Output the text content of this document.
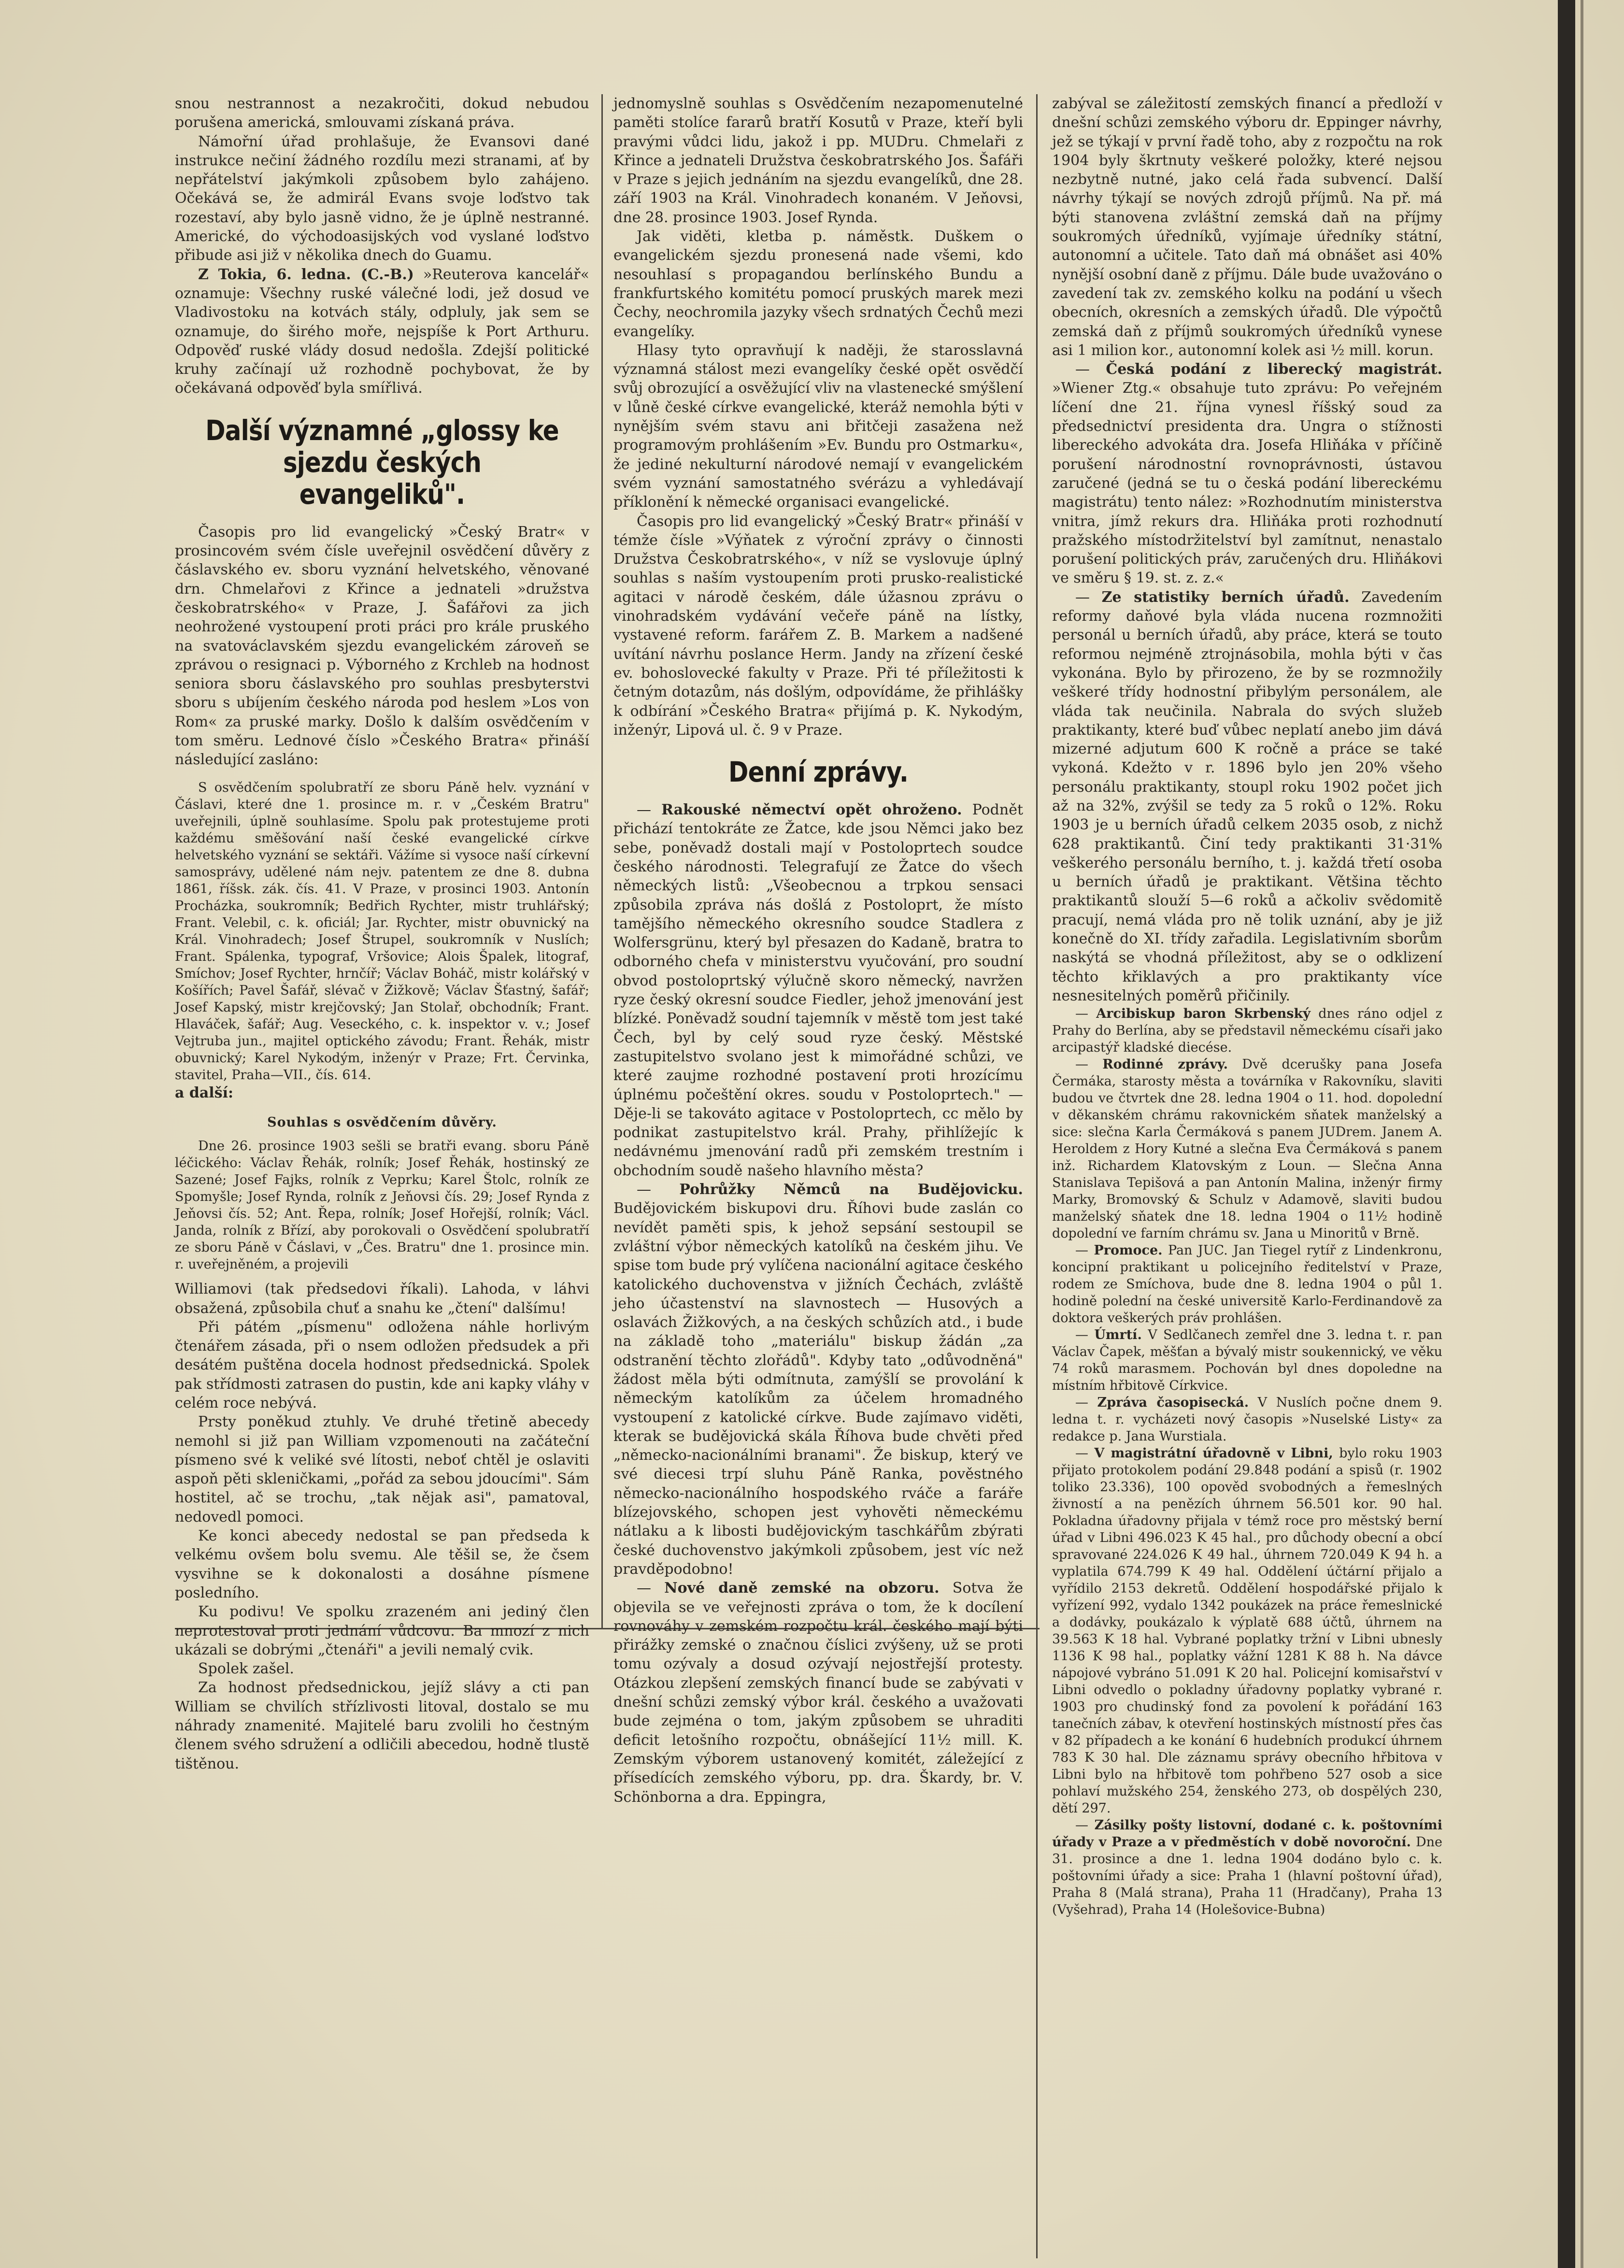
snou nestrannost a nezakročiti, dokud nebudou porušena americká, smlouvami získaná práva.

Námořní úřad prohlašuje, že Evansovi dané instrukce nečiní žádného rozdílu mezi stranami, ať by nepřátelství jakýmkoli způsobem bylo zahájeno. Očekává se, že admirál Evans svoje loďstvo tak rozestaví, aby bylo jasně vidno, že je úplně nestranné. Americké, do východoasijských vod vyslané loďstvo přibude asi již v několika dnech do Guamu.

Z Tokia, 6. ledna. (C.-B.) »Reuterova kancelář« oznamuje: Všechny ruské válečné lodi, jež dosud ve Vladivostoku na kotvách stály, odpluly, jak sem se oznamuje, do širého moře, nejspíše k Port Arthuru. Odpověď ruské vlády dosud nedošla. Zdejší politické kruhy začínají už rozhodně pochybovat, že by očekávaná odpověď byla smířlivá.

Další významné „glossy ke sjezdu českých evangeliků".

Časopis pro lid evangelický »Český Bratr« v prosincovém svém čísle uveřejnil osvědčení důvěry z čáslavského ev. sboru vyznání helvetského, věnované drn. Chmelařovi z Křince a jednateli »družstva českobratrského« v Praze, J. Šafářovi za jich neohrožené vystoupení proti práci pro krále pruského na svatováclavském sjezdu evangelickém zároveň se zprávou o resignaci p. Výborného z Krchleb na hodnost seniora sboru čáslavského pro souhlas presbyterstvi sboru s ubíjením českého národa pod heslem »Los von Rom« za pruské marky. Došlo k dalším osvědčením v tom směru. Lednové číslo »Českého Bratra« přináší následující zasláno:

S osvědčením spolubratří ze sboru Páně helv. vyznání v Čáslavi, které dne 1. prosince m. r. v „Českém Bratru" uveřejnili, úplně souhlasíme. Spolu pak protestujeme proti každému směšování naší české evangelické církve helvetského vyznání se sektáři. Vážíme si vysoce naší církevní samosprávy, udělené nám nejv. patentem ze dne 8. dubna 1861, říšsk. zák. čís. 41. V Praze, v prosinci 1903. Antonín Procházka, soukromník; Bedřich Rychter, mistr truhlářský; Frant. Velebil, c. k. oficiál; Jar. Rychter, mistr obuvnický na Král. Vinohradech; Josef Štrupel, soukromník v Nuslích; Frant. Spálenka, typograf, Vršovice; Alois Špalek, litograf, Smíchov; Josef Rychter, hrnčíř; Václav Boháč, mistr kolářský v Košířích; Pavel Šafář, slévač v Žižkově; Václav Šťastný, šafář; Josef Kapský, mistr krejčovský; Jan Stolař, obchodník; Frant. Hlaváček, šafář; Aug. Veseckého, c. k. inspektor v. v.; Josef Vejtruba jun., majitel optického závodu; Frant. Řehák, mistr obuvnický; Karel Nykodým, inženýr v Praze; Frt. Červinka, stavitel, Praha—VII., čís. 614.

a další:

Souhlas s osvědčením důvěry.

Dne 26. prosince 1903 sešli se bratři evang. sboru Páně léčického: Václav Řehák, rolník; Josef Řehák, hostinský ze Sazené; Josef Fajks, rolník z Veprku; Karel Štolc, rolník ze Spomyšle; Josef Rynda, rolník z Jeňovsi čís. 29; Josef Rynda z Jeňovsi čís. 52; Ant. Řepa, rolník; Josef Hořejší, rolník; Václ. Janda, rolník z Břízí, aby porokovali o Osvědčení spolubratří ze sboru Páně v Čáslavi, v „Čes. Bratru" dne 1. prosince min. r. uveřejněném, a projevili

Williamovi (tak předsedovi říkali). Lahoda, v láhvi obsažená, způsobila chuť a snahu ke „čtení" dalšímu!

Při pátém „písmenu" odložena náhle horlivým čtenářem zásada, při o nsem odložen předsudek a při desátém puštěna docela hodnost předsednická. Spolek pak střídmosti zatrasen do pustin, kde ani kapky vláhy v celém roce nebývá.

Prsty poněkud ztuhly. Ve druhé třetině abecedy nemohl si již pan William vzpomenouti na začáteční písmeno své k veliké své lítosti, neboť chtěl je oslaviti aspoň pěti skleničkami, „pořád za sebou jdoucími". Sám hostitel, ač se trochu, „tak nějak asi", pamatoval, nedovedl pomoci.

Ke konci abecedy nedostal se pan předseda k velkému ovšem bolu svemu. Ale těšil se, že čsem vysvihne se k dokonalosti a dosáhne písmene posledního.

Ku podivu! Ve spolku zrazeném ani jediný člen neprotestoval proti jednání vůdcovu. Ba mnozí z nich ukázali se dobrými „čtenáři" a jevili nemalý cvik.

Spolek zašel.

Za hodnost předsednickou, jejíž slávy a cti pan William se chvilích střízlivosti litoval, dostalo se mu náhrady znamenité. Majitelé baru zvolili ho čestným členem svého sdružení a odličili abecedou, hodně tlustě tištěnou.

jednomyslně souhlas s Osvědčením nezapomenutelné paměti stolíce fararů bratří Kosutů v Praze, kteří byli pravými vůdci lidu, jakož i pp. MUDru. Chmelaři z Křince a jednateli Družstva českobratrského Jos. Šafáři v Praze s jejich jednáním na sjezdu evangelíků, dne 28. září 1903 na Král. Vinohradech konaném. V Jeňovsi, dne 28. prosince 1903. Josef Rynda.

Jak viděti, kletba p. náměstk. Duškem o evangelickém sjezdu pronesená nade všemi, kdo nesouhlasí s propagandou berlínského Bundu a frankfurtského komitétu pomocí pruských marek mezi Čechy, neochromila jazyky všech srdnatých Čechů mezi evangelíky.

Hlasy tyto opravňují k naději, že starosslavná významná stálost mezi evangelíky české opět osvědčí svůj obrozující a osvěžující vliv na vlastenecké smýšlení v lůně české církve evangelické, kteráž nemohla býti v nynějším svém stavu ani břitčeji zasažena než programovým prohlášením »Ev. Bundu pro Ostmarku«, že jediné nekulturní národové nemají v evangelickém svém vyznání samostatného svérázu a vyhledávají příklonění k německé organisaci evangelické.

Časopis pro lid evangelický »Český Bratr« přináší v témže čísle »Výňatek z výroční zprávy o činnosti Družstva Českobratrského«, v níž se vyslovuje úplný souhlas s naším vystoupením proti prusko-realistické agitaci v národě českém, dále úžasnou zprávu o vinohradském vydávání večeře páně na lístky, vystavené reform. farářem Z. B. Markem a nadšené uvítání návrhu poslance Herm. Jandy na zřízení české ev. bohoslovecké fakulty v Praze. Při té příležitosti k četným dotazům, nás došlým, odpovídáme, že přihlášky k odbírání »Českého Bratra« přijímá p. K. Nykodým, inženýr, Lipová ul. č. 9 v Praze.

Denní zprávy.

— Rakouské němectví opět ohroženo. Podnět přichází tentokráte ze Žatce, kde jsou Němci jako bez sebe, poněvadž dostali mají v Postoloprtech soudce českého národnosti. Telegrafují ze Žatce do všech německých listů: „Všeobecnou a trpkou sensaci způsobila zpráva nás došlá z Postoloprt, že místo tamějšího německého okresního soudce Stadlera z Wolfersgrünu, který byl přesazen do Kadaně, bratra to odborného chefa v ministerstvu vyučování, pro soudní obvod postoloprtský výlučně skoro německý, navržen ryze český okresní soudce Fiedler, jehož jmenování jest blízké. Poněvadž soudní tajemník v městě tom jest také Čech, byl by celý soud ryze český. Městské zastupitelstvo svolano jest k mimořádné schůzi, ve které zaujme rozhodné postavení proti hrozícímu úplnému počeštění okres. soudu v Postoloprtech." — Děje-li se takováto agitace v Postoloprtech, cc mělo by podnikat zastupitelstvo král. Prahy, přihlížejíc k nedávnému jmenování radů při zemském trestním i obchodním soudě našeho hlavního města?

— Pohrůžky Němců na Budějovicku. Budějovickém biskupovi dru. Říhovi bude zaslán co nevídět paměti spis, k jehož sepsání sestoupil se zvláštní výbor německých katolíků na českém jihu. Ve spise tom bude prý vylíčena nacionální agitace českého katolického duchovenstva v jižních Čechách, zvláště jeho účastenství na slavnostech — Husových a oslavách Žižkových, a na českých schůzích atd., i bude na základě toho „materiálu" biskup žádán „za odstranění těchto zlořádů". Kdyby tato „odůvodněná" žádost měla býti odmítnuta, zamýšlí se provolání k německým katolíkům za účelem hromadného vystoupení z katolické církve. Bude zajímavo viděti, kterak se budějovická skála Říhova bude chvěti před „německo-nacionálními branami". Že biskup, který ve své diecesi trpí sluhu Páně Ranka, pověstného německo-nacionálního hospodského rváče a faráře blízejovského, schopen jest vyhověti německému nátlaku a k libosti budějovickým taschkářům zbýrati české duchovenstvo jakýmkoli způsobem, jest víc než pravděpodobno!

— Nové daně zemské na obzoru. Sotva že objevila se ve veřejnosti zpráva o tom, že k docílení rovnováhy v zemském rozpočtu král. českého mají býti přirážky zemské o značnou číslici zvýšeny, už se proti tomu ozývaly a dosud ozývají nejostřejší protesty. Otázkou zlepšení zemských financí bude se zabývati v dnešní schůzi zemský výbor král. českého a uvažovati bude zejména o tom, jakým způsobem se uhraditi deficit letošního rozpočtu, obnášející 11½ mill. K. Zemským výborem ustanovený komitét, záležející z přísedících zemského výboru, pp. dra. Škardy, br. V. Schönborna a dra. Eppingra,

zabýval se záležitostí zemských financí a předloží v dnešní schůzi zemského výboru dr. Eppinger návrhy, jež se týkají v první řadě toho, aby z rozpočtu na rok 1904 byly škrtnuty veškeré položky, které nejsou nezbytně nutné, jako celá řada subvencí. Další návrhy týkají se nových zdrojů příjmů. Na př. má býti stanovena zvláštní zemská daň na příjmy soukromých úředníků, vyjímaje úředníky státní, autonomní a učitele. Tato daň má obnášet asi 40% nynější osobní daně z příjmu. Dále bude uvažováno o zavedení tak zv. zemského kolku na podání u všech obecních, okresních a zemských úřadů. Dle výpočtů zemská daň z příjmů soukromých úředníků vynese asi 1 milion kor., autonomní kolek asi ½ mill. korun.

— Česká podání z liberecký magistrát. »Wiener Ztg.« obsahuje tuto zprávu: Po veřejném líčení dne 21. října vynesl říšský soud za předsednictví presidenta dra. Ungra o stížnosti libereckého advokáta dra. Josefa Hliňáka v příčině porušení národnostní rovnoprávnosti, ústavou zaručené (jedná se tu o česká podání libereckému magistrátu) tento nález: »Rozhodnutím ministerstva vnitra, jímž rekurs dra. Hliňáka proti rozhodnutí pražského místodržitelství byl zamítnut, nenastalo porušení politických práv, zaručených dru. Hliňákovi ve směru § 19. st. z. z.«

— Ze statistiky berních úřadů. Zavedením reformy daňové byla vláda nucena rozmnožiti personál u berních úřadů, aby práce, která se touto reformou nejméně ztrojnásobila, mohla býti v čas vykonána. Bylo by přirozeno, že by se rozmnožily veškeré třídy hodnostní přibylým personálem, ale vláda tak neučinila. Nabrala do svých služeb praktikanty, které buď vůbec neplatí anebo jim dává mizerné adjutum 600 K ročně a práce se také vykoná. Kdežto v r. 1896 bylo jen 20% všeho personálu praktikanty, stoupl roku 1902 počet jich až na 32%, zvýšil se tedy za 5 roků o 12%. Roku 1903 je u berních úřadů celkem 2035 osob, z nichž 628 praktikantů. Činí tedy praktikanti 31·31% veškerého personálu berního, t. j. každá třetí osoba u berních úřadů je praktikant. Většina těchto praktikantů slouží 5—6 roků a ačkoliv svědomitě pracují, nemá vláda pro ně tolik uznání, aby je již konečně do XI. třídy zařadila. Legislativním sborům naskýtá se vhodná příležitost, aby se o odklizení těchto křiklavých a pro praktikanty více nesnesitelných poměrů přičinily.

— Arcibiskup baron Skrbenský dnes ráno odjel z Prahy do Berlína, aby se představil německému císaři jako arcipastýř kladské diecése.

— Rodinné zprávy. Dvě dcerušky pana Josefa Čermáka, starosty města a továrníka v Rakovníku, slaviti budou ve čtvrtek dne 28. ledna 1904 o 11. hod. dopolední v děkanském chrámu rakovnickém sňatek manželský a sice: slečna Karla Čermáková s panem JUDrem. Janem A. Heroldem z Hory Kutné a slečna Eva Čermáková s panem inž. Richardem Klatovským z Loun. — Slečna Anna Stanislava Tepišová a pan Antonín Malina, inženýr firmy Marky, Bromovský & Schulz v Adamově, slaviti budou manželský sňatek dne 18. ledna 1904 o 11½ hodině dopolední ve farním chrámu sv. Jana u Minoritů v Brně.

— Promoce. Pan JUC. Jan Tiegel rytíř z Lindenkronu, koncipní praktikant u policejního ředitelství v Praze, rodem ze Smíchova, bude dne 8. ledna 1904 o půl 1. hodině polední na české universitě Karlo-Ferdinandově za doktora veškerých práv prohlášen.

— Úmrtí. V Sedlčanech zemřel dne 3. ledna t. r. pan Václav Čapek, měšťan a bývalý mistr soukennický, ve věku 74 roků marasmem. Pochován byl dnes dopoledne na místním hřbitově Církvice.

— Zpráva časopisecká. V Nuslích počne dnem 9. ledna t. r. vycházeti nový časopis »Nuselské Listy« za redakce p. Jana Wurstiala.

— V magistrátní úřadovně v Libni, bylo roku 1903 přijato protokolem podání 29.848 podání a spisů (r. 1902 toliko 23.336), 100 opověd svobodných a řemeslných živností a na penězích úhrnem 56.501 kor. 90 hal. Pokladna úřadovny přijala v témž roce pro městský berní úřad v Libni 496.023 K 45 hal., pro důchody obecní a obcí spravované 224.026 K 49 hal., úhrnem 720.049 K 94 h. a vyplatila 674.799 K 49 hal. Oddělení účtární přijalo a vyřídilo 2153 dekretů. Oddělení hospodářské přijalo k vyřízení 992, vydalo 1342 poukázek na práce řemeslnické a dodávky, poukázalo k výplatě 688 účtů, úhrnem na 39.563 K 18 hal. Vybrané poplatky tržní v Libni ubnesly 1136 K 98 hal., poplatky vážní 1281 K 88 h. Na dávce nápojové vybráno 51.091 K 20 hal. Policejní komisařství v Libni odvedlo o pokladny úřadovny poplatky vybrané r. 1903 pro chudinský fond za povolení k pořádání 163 tanečních zábav, k otevření hostinských místností přes čas v 82 případech a ke konání 6 hudebních produkcí úhrnem 783 K 30 hal. Dle záznamu správy obecního hřbitova v Libni bylo na hřbitově tom pohřbeno 527 osob a sice pohlaví mužského 254, ženského 273, ob dospělých 230, dětí 297.

— Zásilky pošty listovní, dodané c. k. poštovními úřady v Praze a v předměstích v době novoroční. Dne 31. prosince a dne 1. ledna 1904 dodáno bylo c. k. poštovními úřady a sice: Praha 1 (hlavní poštovní úřad), Praha 8 (Malá strana), Praha 11 (Hradčany), Praha 13 (Vyšehrad), Praha 14 (Holešovice-Bubna)
